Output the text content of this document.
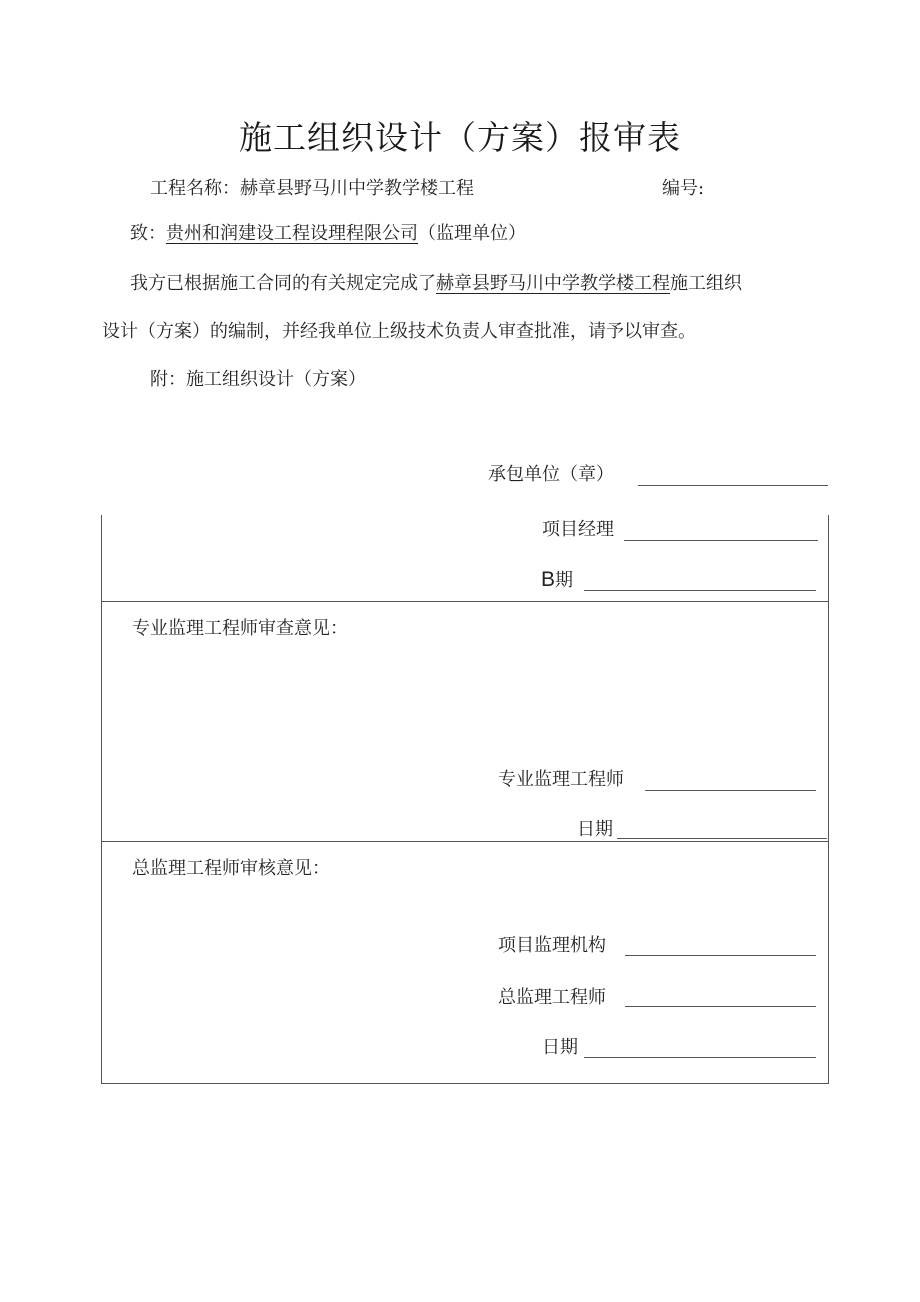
施工组织设计（方案）报审表
工程名称：赫章县野马川中学教学楼工程	编号:
致：贵州和润建设工程设理程限公司（监理单位）
我方已根据施工合同的有关规定完成了赫章县野马川中学教学楼工程施工组织
设计（方案）的编制，并经我单位上级技术负责人审查批准，请予以审查。
附：施工组织设计（方案）
承包单位（章）
项目经理
B期
专业监理工程师审查意见：
专业监理工程师
日期
总监理工程师审核意见：
项目监理机构
总监理工程师
日期
